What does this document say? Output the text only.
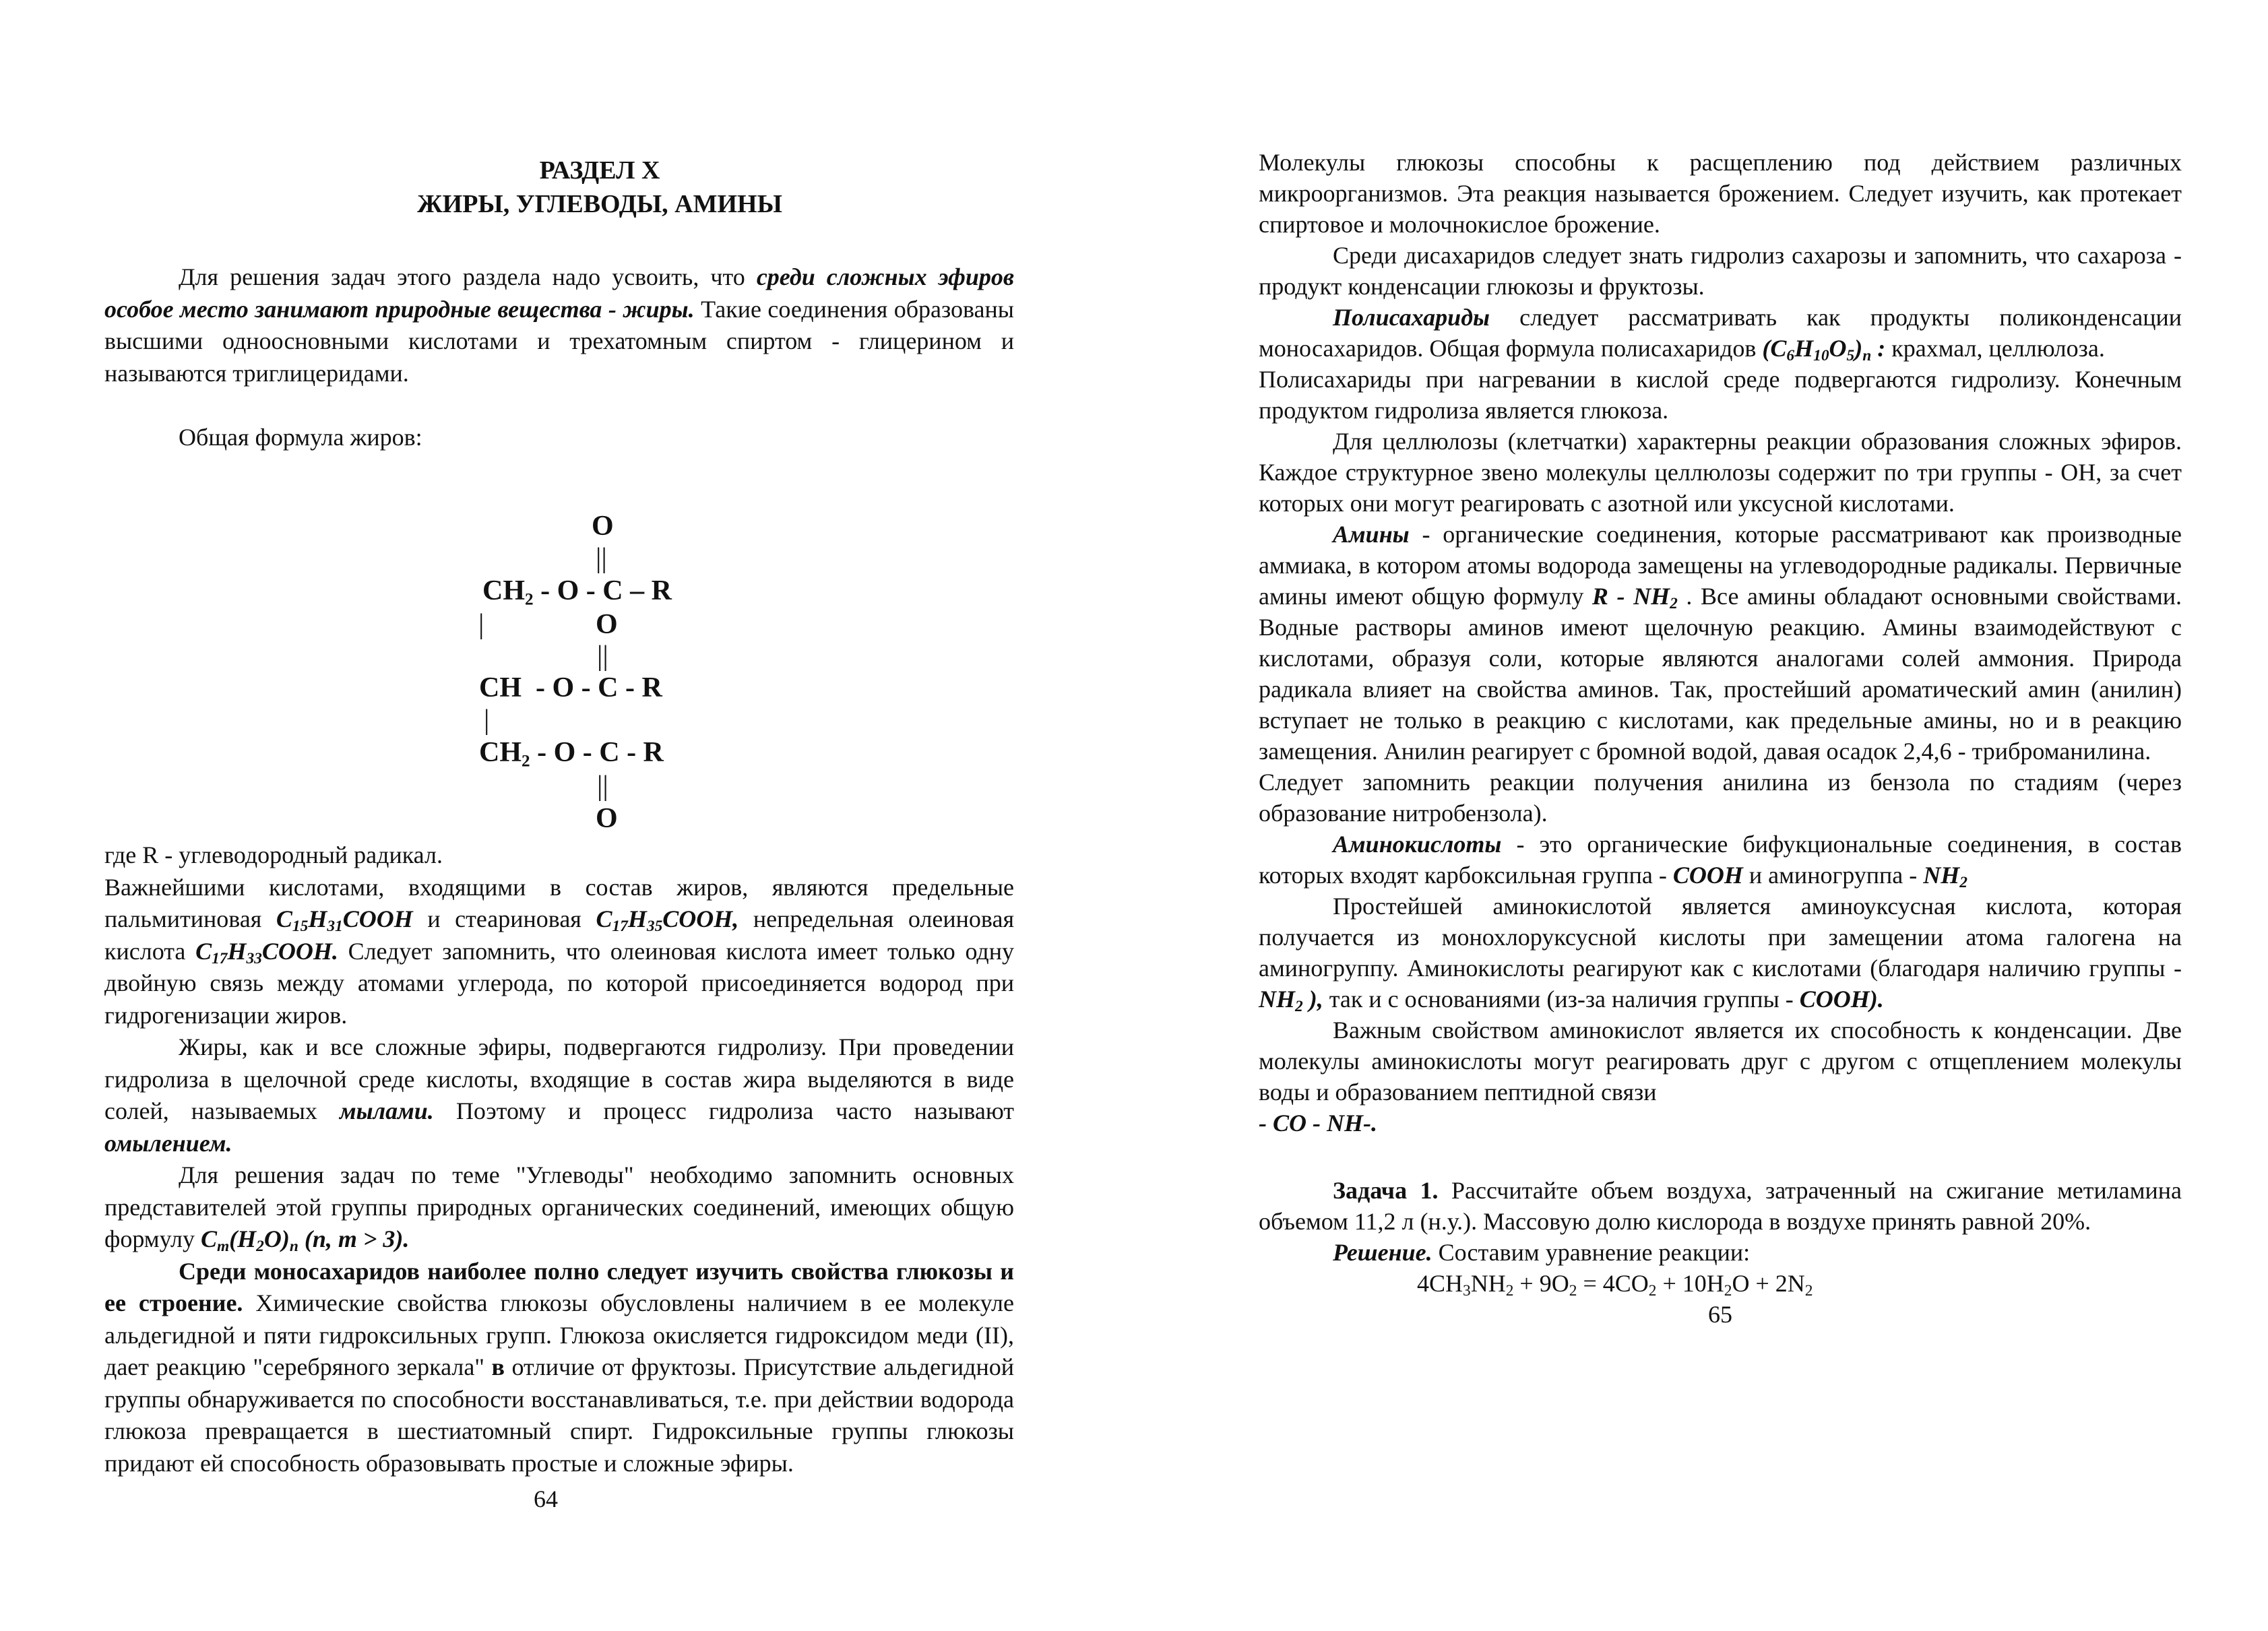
РАЗДЕЛ X
ЖИРЫ, УГЛЕВОДЫ, АМИНЫ

Для решения задач этого раздела надо усвоить, что среди сложных эфиров особое место занимают природные вещества - жиры. Такие соединения образованы высшими одноосновными кислотами и трехатомным спиртом - глицерином и называются триглицеридами.

Общая формула жиров:

O
||
CH2 - O - C – R
|	O
||
CH  - O - C - R
|
CH2 - O - C - R
||
O

где R - углеводородный радикал.

Важнейшими кислотами, входящими в состав жиров, являются предельные пальмитиновая C15H31COOH и стеариновая C17H35COOH, непредельная олеиновая кислота C17H33COOH. Следует запомнить, что олеиновая кислота имеет только одну двойную связь между атомами углерода, по которой присоединяется водород при гидрогенизации жиров.

Жиры, как и все сложные эфиры, подвергаются гидролизу. При проведении гидролиза в щелочной среде кислоты, входящие в состав жира выделяются в виде солей, называемых мылами. Поэтому и процесс гидролиза часто называют омылением.

Для решения задач по теме "Углеводы" необходимо запомнить основных представителей этой группы природных органических соединений, имеющих общую формулу Cm(H2O)n (n, m > 3).

Среди моносахаридов наиболее полно следует изучить свойства глюкозы и ее строение. Химические свойства глюкозы обусловлены наличием в ее молекуле альдегидной и пяти гидроксильных групп. Глюкоза окисляется гидроксидом меди (II), дает реакцию "серебряного зеркала" в отличие от фруктозы. Присутствие альдегидной группы обнаруживается по способности восстанавливаться, т.е. при действии водорода глюкоза превращается в шестиатомный спирт. Гидроксильные группы глюкозы придают ей способность образовывать простые и сложные эфиры.

64

Молекулы глюкозы способны к расщеплению под действием различных микроорганизмов. Эта реакция называется брожением. Следует изучить, как протекает спиртовое и молочнокислое брожение.

Среди дисахаридов следует знать гидролиз сахарозы и запомнить, что сахароза - продукт конденсации глюкозы и фруктозы.

Полисахариды следует рассматривать как продукты поликонденсации моносахаридов. Общая формула полисахаридов (C6H10O5)n : крахмал, целлюлоза.

Полисахариды при нагревании в кислой среде подвергаются гидролизу. Конечным продуктом гидролиза является глюкоза.

Для целлюлозы (клетчатки) характерны реакции образования сложных эфиров. Каждое структурное звено молекулы целлюлозы содержит по три группы - OH, за счет которых они могут реагировать с азотной или уксусной кислотами.

Амины - органические соединения, которые рассматривают как производные аммиака, в котором атомы водорода замещены на углеводородные радикалы. Первичные амины имеют общую формулу R - NH2 . Все амины обладают основными свойствами. Водные растворы аминов имеют щелочную реакцию. Амины взаимодействуют с кислотами, образуя соли, которые являются аналогами солей аммония. Природа радикала влияет на свойства аминов. Так, простейший ароматический амин (анилин) вступает не только в реакцию с кислотами, как предельные амины, но и в реакцию замещения. Анилин реагирует с бромной водой, давая осадок 2,4,6 - триброманилина.

Следует запомнить реакции получения анилина из бензола по стадиям (через образование нитробензола).

Аминокислоты - это органические бифукциональные соединения, в состав которых входят карбоксильная группа - COOH и аминогруппа - NH2

Простейшей аминокислотой является аминоуксусная кислота, которая получается из монохлоруксусной кислоты при замещении атома галогена на аминогруппу. Аминокислоты реагируют как с кислотами (благодаря наличию группы - NH2 ), так и с основаниями (из-за наличия группы - COOH).

Важным свойством аминокислот является их способность к конденсации. Две молекулы аминокислоты могут реагировать друг с другом с отщеплением молекулы воды и образованием пептидной связи

- CO - NH-.

Задача 1. Рассчитайте объем воздуха, затраченный на сжигание метиламина объемом 11,2 л (н.у.). Массовую долю кислорода в воздухе принять равной 20%.
Решение. Составим уравнение реакции:
$4CH_3NH_2 + 9O_2 = 4CO_2 + 10H_2O + 2N_2$
65
